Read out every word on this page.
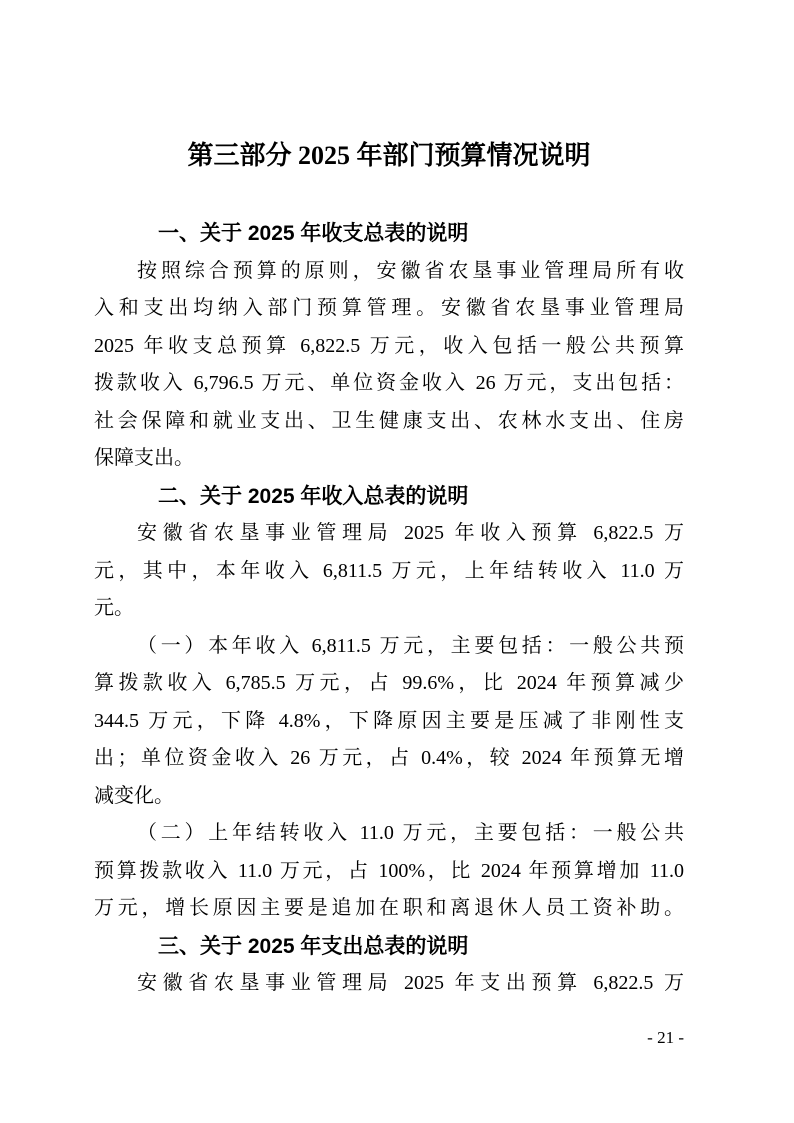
第三部分 2025 年部门预算情况说明
一、关于 2025 年收支总表的说明
按照综合预算的原则，安徽省农垦事业管理局所有收
入和支出均纳入部门预算管理。安徽省农垦事业管理局
2025 年收支总预算 6,822.5 万元，收入包括一般公共预算
拨款收入 6,796.5 万元、单位资金收入 26 万元，支出包括：
社会保障和就业支出、卫生健康支出、农林水支出、住房
保障支出。
二、关于 2025 年收入总表的说明
安徽省农垦事业管理局 2025 年收入预算 6,822.5 万
元，其中，本年收入 6,811.5 万元，上年结转收入 11.0 万
元。
（一）本年收入 6,811.5 万元，主要包括：一般公共预
算拨款收入 6,785.5 万元，占 99.6%，比 2024 年预算减少
344.5 万元，下降 4.8%，下降原因主要是压减了非刚性支
出；单位资金收入 26 万元，占 0.4%，较 2024 年预算无增
减变化。
（二）上年结转收入 11.0 万元，主要包括：一般公共
预算拨款收入 11.0 万元，占 100%，比 2024 年预算增加 11.0
万元，增长原因主要是追加在职和离退休人员工资补助。
三、关于 2025 年支出总表的说明
安徽省农垦事业管理局 2025 年支出预算 6,822.5 万
- 21 -
